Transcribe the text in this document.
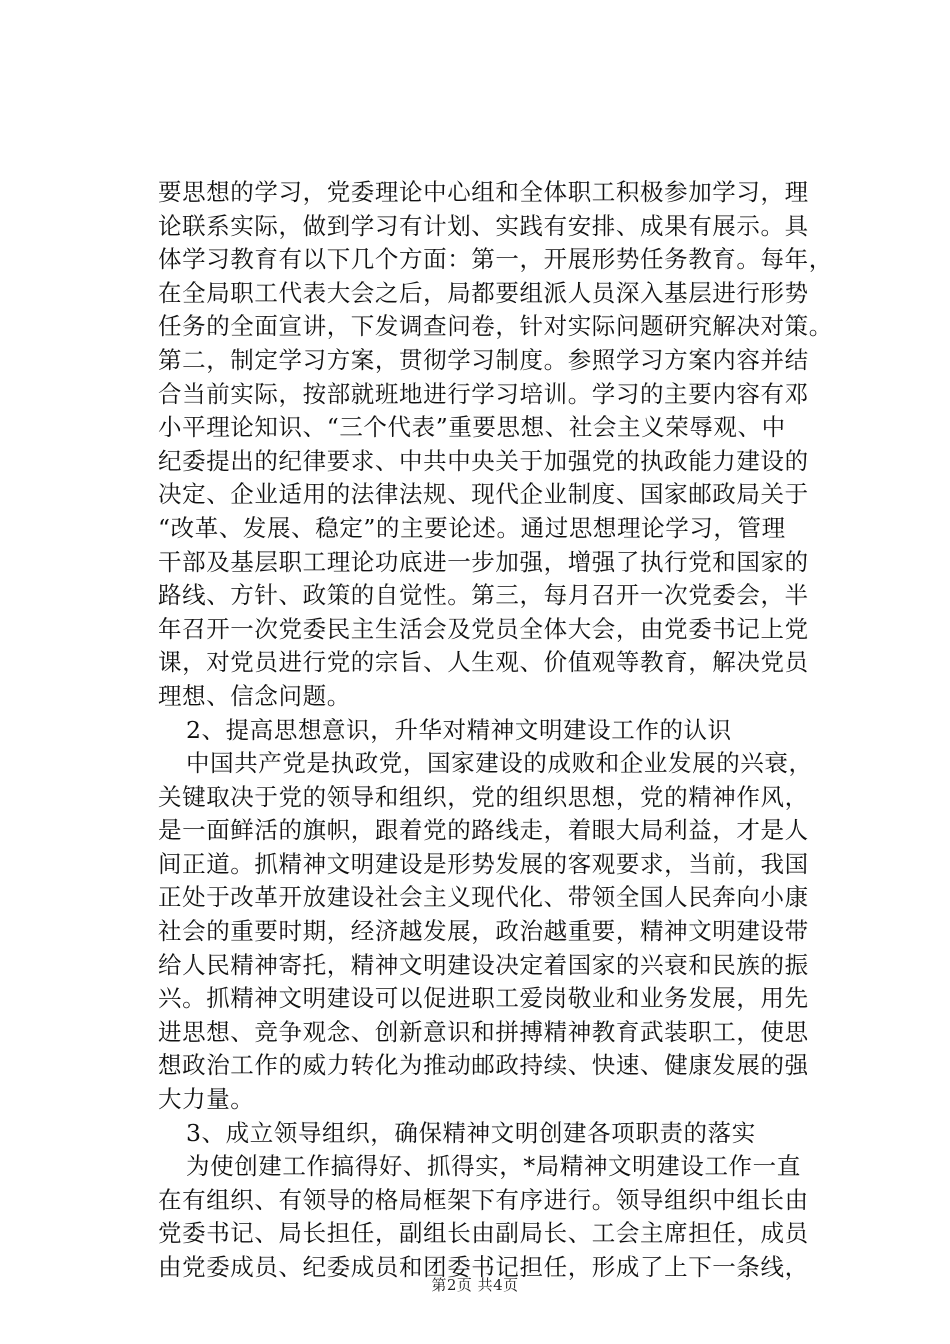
要思想的学习，党委理论中心组和全体职工积极参加学习，理
论联系实际，做到学习有计划、实践有安排、成果有展示。具
体学习教育有以下几个方面：第一，开展形势任务教育。每年，
在全局职工代表大会之后，局都要组派人员深入基层进行形势
任务的全面宣讲，下发调查问卷，针对实际问题研究解决对策。
第二，制定学习方案，贯彻学习制度。参照学习方案内容并结
合当前实际，按部就班地进行学习培训。学习的主要内容有邓
小平理论知识、“三个代表”重要思想、社会主义荣辱观、中
纪委提出的纪律要求、中共中央关于加强党的执政能力建设的
决定、企业适用的法律法规、现代企业制度、国家邮政局关于
“改革、发展、稳定”的主要论述。通过思想理论学习，管理
干部及基层职工理论功底进一步加强，增强了执行党和国家的
路线、方针、政策的自觉性。第三，每月召开一次党委会，半
年召开一次党委民主生活会及党员全体大会，由党委书记上党
课，对党员进行党的宗旨、人生观、价值观等教育，解决党员
理想、信念问题。
2、提高思想意识，升华对精神文明建设工作的认识
中国共产党是执政党，国家建设的成败和企业发展的兴衰，
关键取决于党的领导和组织，党的组织思想，党的精神作风，
是一面鲜活的旗帜，跟着党的路线走，着眼大局利益，才是人
间正道。抓精神文明建设是形势发展的客观要求，当前，我国
正处于改革开放建设社会主义现代化、带领全国人民奔向小康
社会的重要时期，经济越发展，政治越重要，精神文明建设带
给人民精神寄托，精神文明建设决定着国家的兴衰和民族的振
兴。抓精神文明建设可以促进职工爱岗敬业和业务发展，用先
进思想、竞争观念、创新意识和拼搏精神教育武装职工，使思
想政治工作的威力转化为推动邮政持续、快速、健康发展的强
大力量。
3、成立领导组织，确保精神文明创建各项职责的落实
为使创建工作搞得好、抓得实，*局精神文明建设工作一直
在有组织、有领导的格局框架下有序进行。领导组织中组长由
党委书记、局长担任，副组长由副局长、工会主席担任，成员
由党委成员、纪委成员和团委书记担任，形成了上下一条线，
第2页 共4页
